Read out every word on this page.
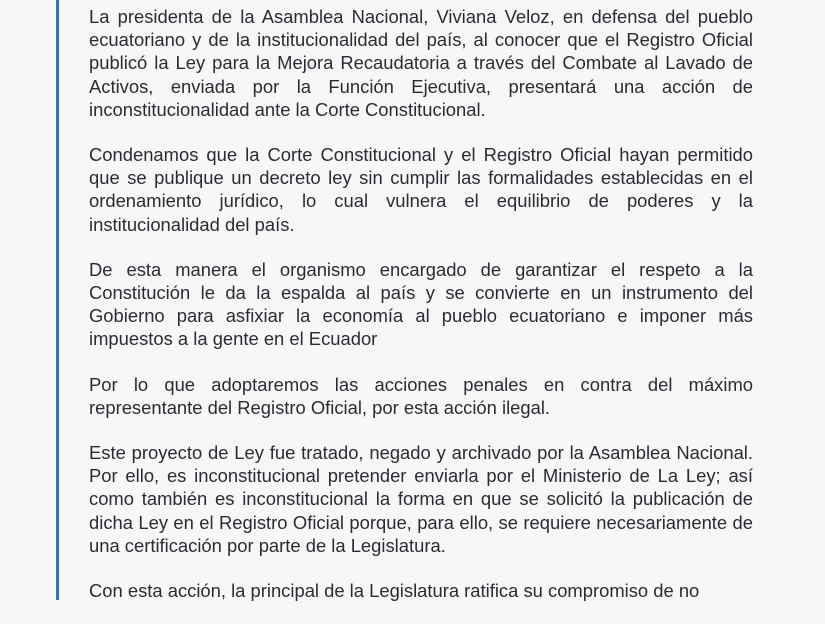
La presidenta de la Asamblea Nacional, Viviana Veloz, en defensa del pueblo ecuatoriano y de la institucionalidad del país, al conocer que el Registro Oficial publicó la Ley para la Mejora Recaudatoria a través del Combate al Lavado de Activos, enviada por la Función Ejecutiva, presentará una acción de inconstitucionalidad ante la Corte Constitucional.

Condenamos que la Corte Constitucional y el Registro Oficial hayan permitido que se publique un decreto ley sin cumplir las formalidades establecidas en el ordenamiento jurídico, lo cual vulnera el equilibrio de poderes y la institucionalidad del país.

De esta manera el organismo encargado de garantizar el respeto a la Constitución le da la espalda al país y se convierte en un instrumento del Gobierno para asfixiar la economía al pueblo ecuatoriano e imponer más impuestos a la gente en el Ecuador

Por lo que adoptaremos las acciones penales en contra del máximo representante del Registro Oficial, por esta acción ilegal.

Este proyecto de Ley fue tratado, negado y archivado por la Asamblea Nacional. Por ello, es inconstitucional pretender enviarla por el Ministerio de La Ley; así como también es inconstitucional la forma en que se solicitó la publicación de dicha Ley en el Registro Oficial porque, para ello, se requiere necesariamente de una certificación por parte de la Legislatura.

Con esta acción, la principal de la Legislatura ratifica su compromiso de no
